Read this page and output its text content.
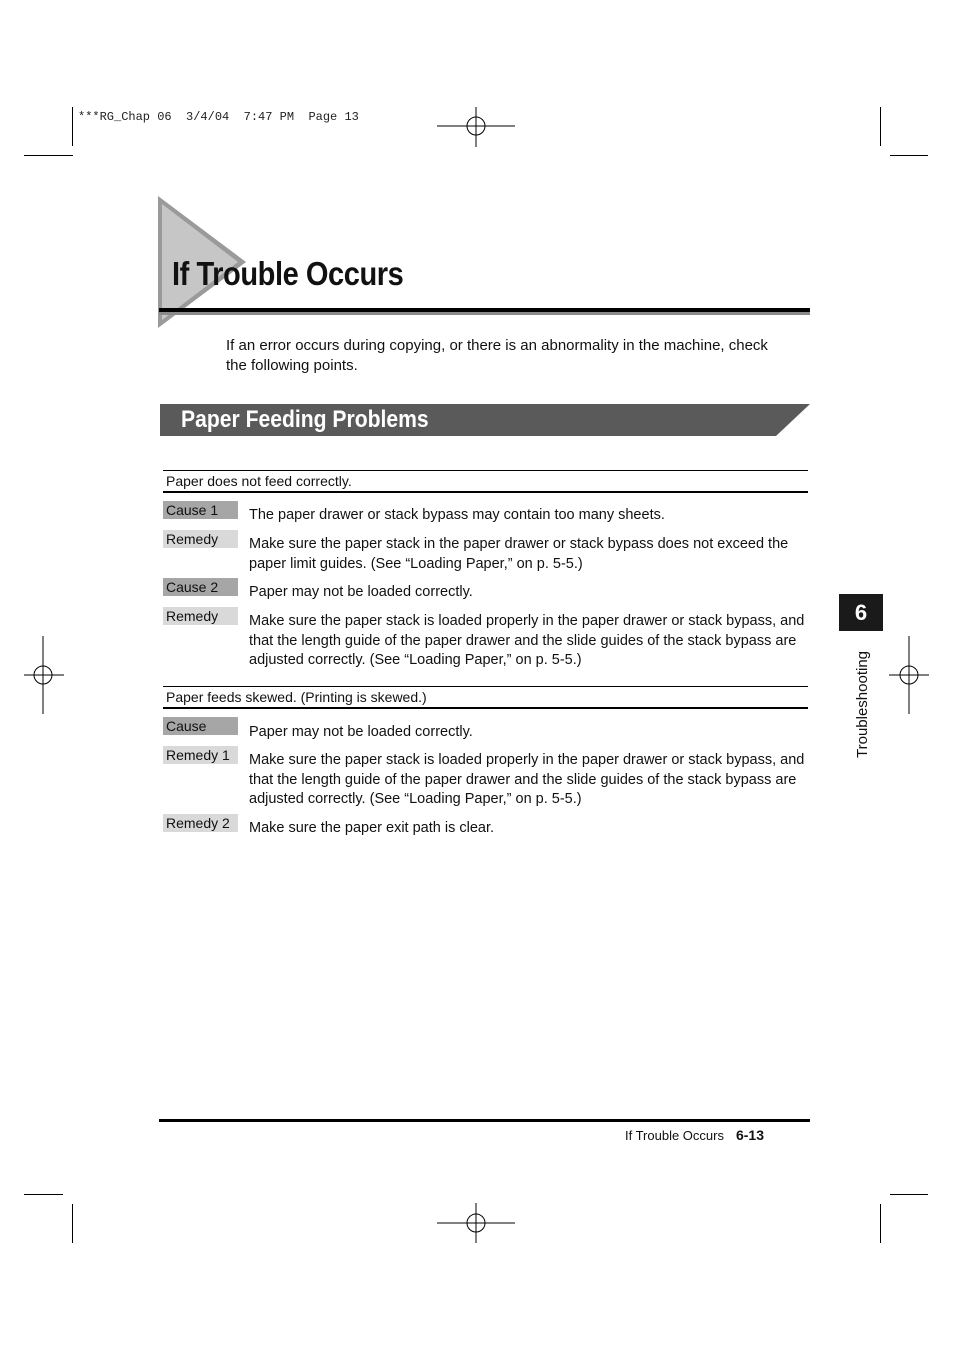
***RG_Chap 06  3/4/04  7:47 PM  Page 13
If Trouble Occurs
If an error occurs during copying, or there is an abnormality in the machine, check the following points.
Paper Feeding Problems
Paper does not feed correctly.
Cause 1	The paper drawer or stack bypass may contain too many sheets.
Remedy	Make sure the paper stack in the paper drawer or stack bypass does not exceed the paper limit guides. (See “Loading Paper,” on p. 5-5.)
Cause 2	Paper may not be loaded correctly.
Remedy	Make sure the paper stack is loaded properly in the paper drawer or stack bypass, and that the length guide of the paper drawer and the slide guides of the stack bypass are adjusted correctly. (See “Loading Paper,” on p. 5-5.)
Paper feeds skewed. (Printing is skewed.)
Cause	Paper may not be loaded correctly.
Remedy 1	Make sure the paper stack is loaded properly in the paper drawer or stack bypass, and that the length guide of the paper drawer and the slide guides of the stack bypass are adjusted correctly. (See “Loading Paper,” on p. 5-5.)
Remedy 2	Make sure the paper exit path is clear.
6
Troubleshooting
If Trouble Occurs 6-13
